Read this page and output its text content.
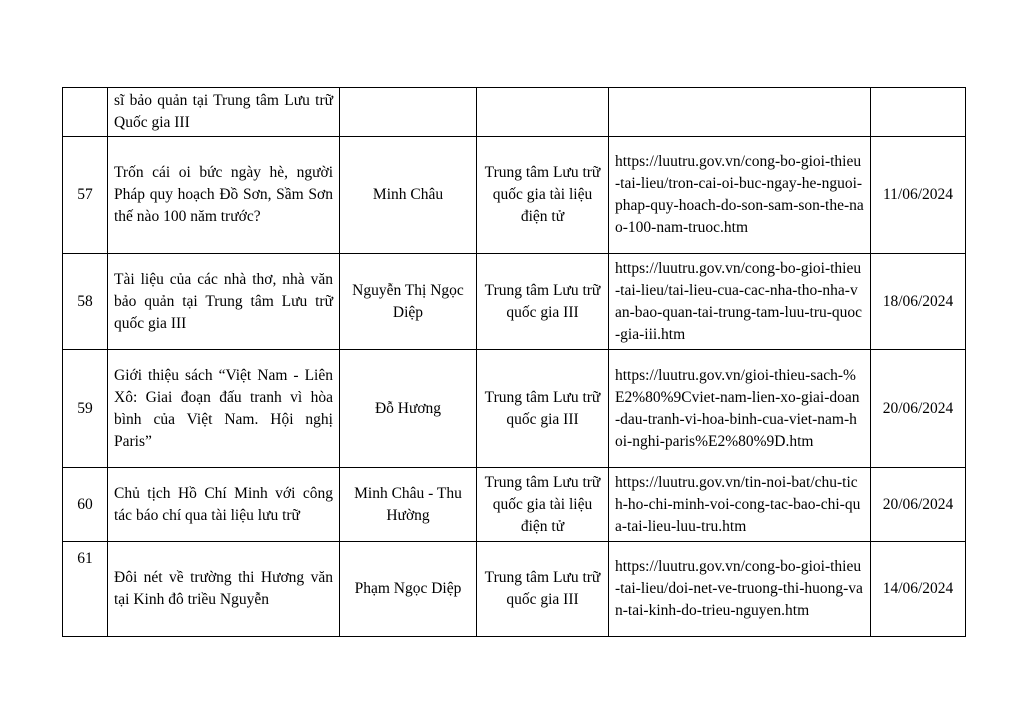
	sĩ bảo quản tại Trung tâm Lưu trữ Quốc gia III				
57	Trốn cái oi bức ngày hè, người Pháp quy hoạch Đồ Sơn, Sầm Sơn thế nào 100 năm trước?	Minh Châu	Trung tâm Lưu trữ quốc gia tài liệu điện tử	https://luutru.gov.vn/cong-bo-gioi-thieu-tai-lieu/tron-cai-oi-buc-ngay-he-nguoi-phap-quy-hoach-do-son-sam-son-the-nao-100-nam-truoc.htm	11/06/2024
58	Tài liệu của các nhà thơ, nhà văn bảo quản tại Trung tâm Lưu trữ quốc gia III	Nguyễn Thị Ngọc Diệp	Trung tâm Lưu trữ quốc gia III	https://luutru.gov.vn/cong-bo-gioi-thieu-tai-lieu/tai-lieu-cua-cac-nha-tho-nha-van-bao-quan-tai-trung-tam-luu-tru-quoc-gia-iii.htm	18/06/2024
59	Giới thiệu sách “Việt Nam - Liên Xô: Giai đoạn đấu tranh vì hòa bình của Việt Nam. Hội nghị Paris”	Đỗ Hương	Trung tâm Lưu trữ quốc gia III	https://luutru.gov.vn/gioi-thieu-sach-%E2%80%9Cviet-nam-lien-xo-giai-doan-dau-tranh-vi-hoa-binh-cua-viet-nam-hoi-nghi-paris%E2%80%9D.htm	20/06/2024
60	Chủ tịch Hồ Chí Minh với công tác báo chí qua tài liệu lưu trữ	Minh Châu - Thu Hường	Trung tâm Lưu trữ quốc gia tài liệu điện tử	https://luutru.gov.vn/tin-noi-bat/chu-tich-ho-chi-minh-voi-cong-tac-bao-chi-qua-tai-lieu-luu-tru.htm	20/06/2024
61	Đôi nét về trường thi Hương văn tại Kinh đô triều Nguyễn	Phạm Ngọc Diệp	Trung tâm Lưu trữ quốc gia III	https://luutru.gov.vn/cong-bo-gioi-thieu-tai-lieu/doi-net-ve-truong-thi-huong-van-tai-kinh-do-trieu-nguyen.htm	14/06/2024
